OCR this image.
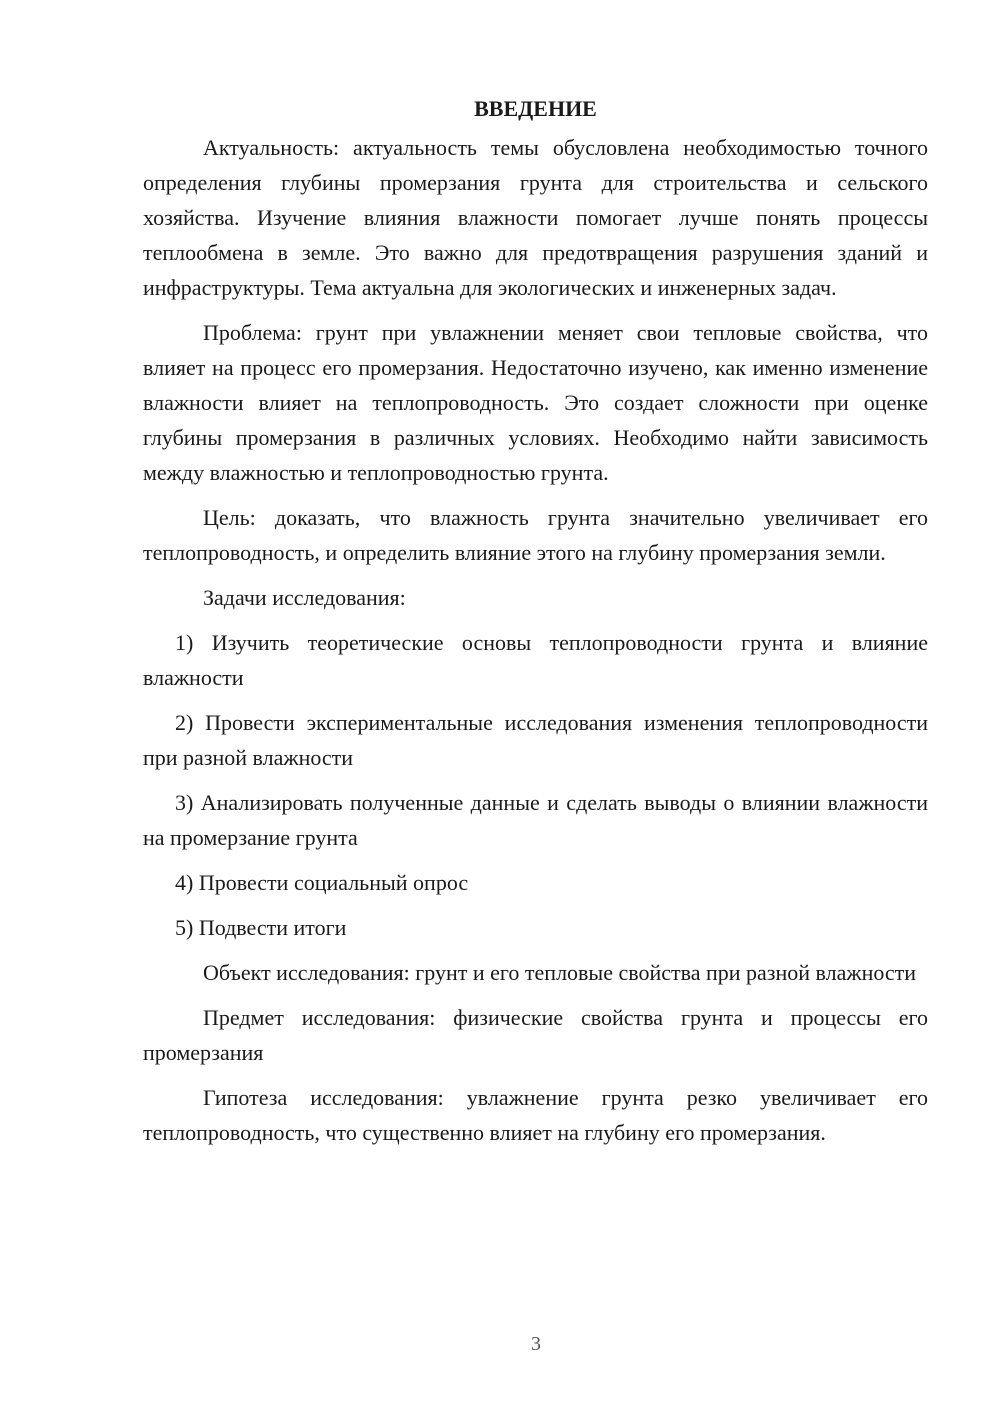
ВВЕДЕНИЕ

Актуальность: актуальность темы обусловлена необходимостью точного определения глубины промерзания грунта для строительства и сельского хозяйства. Изучение влияния влажности помогает лучше понять процессы теплообмена в земле. Это важно для предотвращения разрушения зданий и инфраструктуры. Тема актуальна для экологических и инженерных задач.

Проблема: грунт при увлажнении меняет свои тепловые свойства, что влияет на процесс его промерзания. Недостаточно изучено, как именно изменение влажности влияет на теплопроводность. Это создает сложности при оценке глубины промерзания в различных условиях. Необходимо найти зависимость между влажностью и теплопроводностью грунта.

Цель: доказать, что влажность грунта значительно увеличивает его теплопроводность, и определить влияние этого на глубину промерзания земли.

Задачи исследования:

1) Изучить теоретические основы теплопроводности грунта и влияние влажности

2) Провести экспериментальные исследования изменения теплопроводности при разной влажности

3) Анализировать полученные данные и сделать выводы о влиянии влажности на промерзание грунта

4) Провести социальный опрос

5) Подвести итоги

Объект исследования: грунт и его тепловые свойства при разной влажности

Предмет исследования: физические свойства грунта и процессы его промерзания

Гипотеза исследования: увлажнение грунта резко увеличивает его теплопроводность, что существенно влияет на глубину его промерзания.

3
